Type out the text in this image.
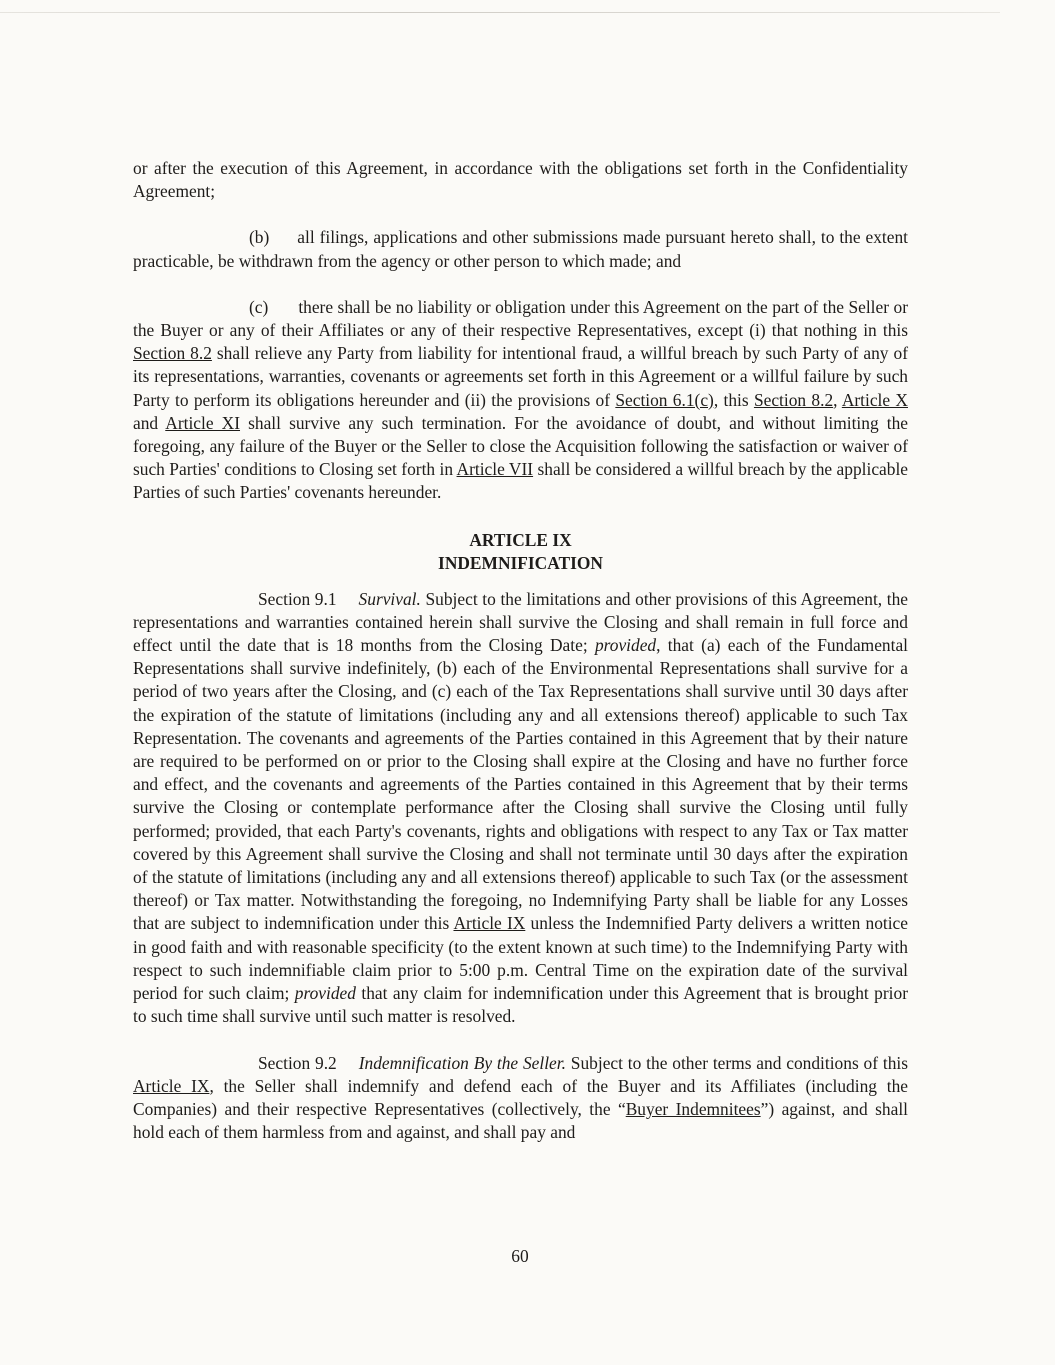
or after the execution of this Agreement, in accordance with the obligations set forth in the Confidentiality Agreement;

(b) all filings, applications and other submissions made pursuant hereto shall, to the extent practicable, be withdrawn from the agency or other person to which made; and

(c) there shall be no liability or obligation under this Agreement on the part of the Seller or the Buyer or any of their Affiliates or any of their respective Representatives, except (i) that nothing in this Section 8.2 shall relieve any Party from liability for intentional fraud, a willful breach by such Party of any of its representations, warranties, covenants or agreements set forth in this Agreement or a willful failure by such Party to perform its obligations hereunder and (ii) the provisions of Section 6.1(c), this Section 8.2, Article X and Article XI shall survive any such termination. For the avoidance of doubt, and without limiting the foregoing, any failure of the Buyer or the Seller to close the Acquisition following the satisfaction or waiver of such Parties' conditions to Closing set forth in Article VII shall be considered a willful breach by the applicable Parties of such Parties' covenants hereunder.

ARTICLE IX
INDEMNIFICATION

Section 9.1 Survival. Subject to the limitations and other provisions of this Agreement, the representations and warranties contained herein shall survive the Closing and shall remain in full force and effect until the date that is 18 months from the Closing Date; provided, that (a) each of the Fundamental Representations shall survive indefinitely, (b) each of the Environmental Representations shall survive for a period of two years after the Closing, and (c) each of the Tax Representations shall survive until 30 days after the expiration of the statute of limitations (including any and all extensions thereof) applicable to such Tax Representation. The covenants and agreements of the Parties contained in this Agreement that by their nature are required to be performed on or prior to the Closing shall expire at the Closing and have no further force and effect, and the covenants and agreements of the Parties contained in this Agreement that by their terms survive the Closing or contemplate performance after the Closing shall survive the Closing until fully performed; provided, that each Party's covenants, rights and obligations with respect to any Tax or Tax matter covered by this Agreement shall survive the Closing and shall not terminate until 30 days after the expiration of the statute of limitations (including any and all extensions thereof) applicable to such Tax (or the assessment thereof) or Tax matter. Notwithstanding the foregoing, no Indemnifying Party shall be liable for any Losses that are subject to indemnification under this Article IX unless the Indemnified Party delivers a written notice in good faith and with reasonable specificity (to the extent known at such time) to the Indemnifying Party with respect to such indemnifiable claim prior to 5:00 p.m. Central Time on the expiration date of the survival period for such claim; provided that any claim for indemnification under this Agreement that is brought prior to such time shall survive until such matter is resolved.

Section 9.2 Indemnification By the Seller. Subject to the other terms and conditions of this Article IX, the Seller shall indemnify and defend each of the Buyer and its Affiliates (including the Companies) and their respective Representatives (collectively, the “Buyer Indemnitees”) against, and shall hold each of them harmless from and against, and shall pay and

60
